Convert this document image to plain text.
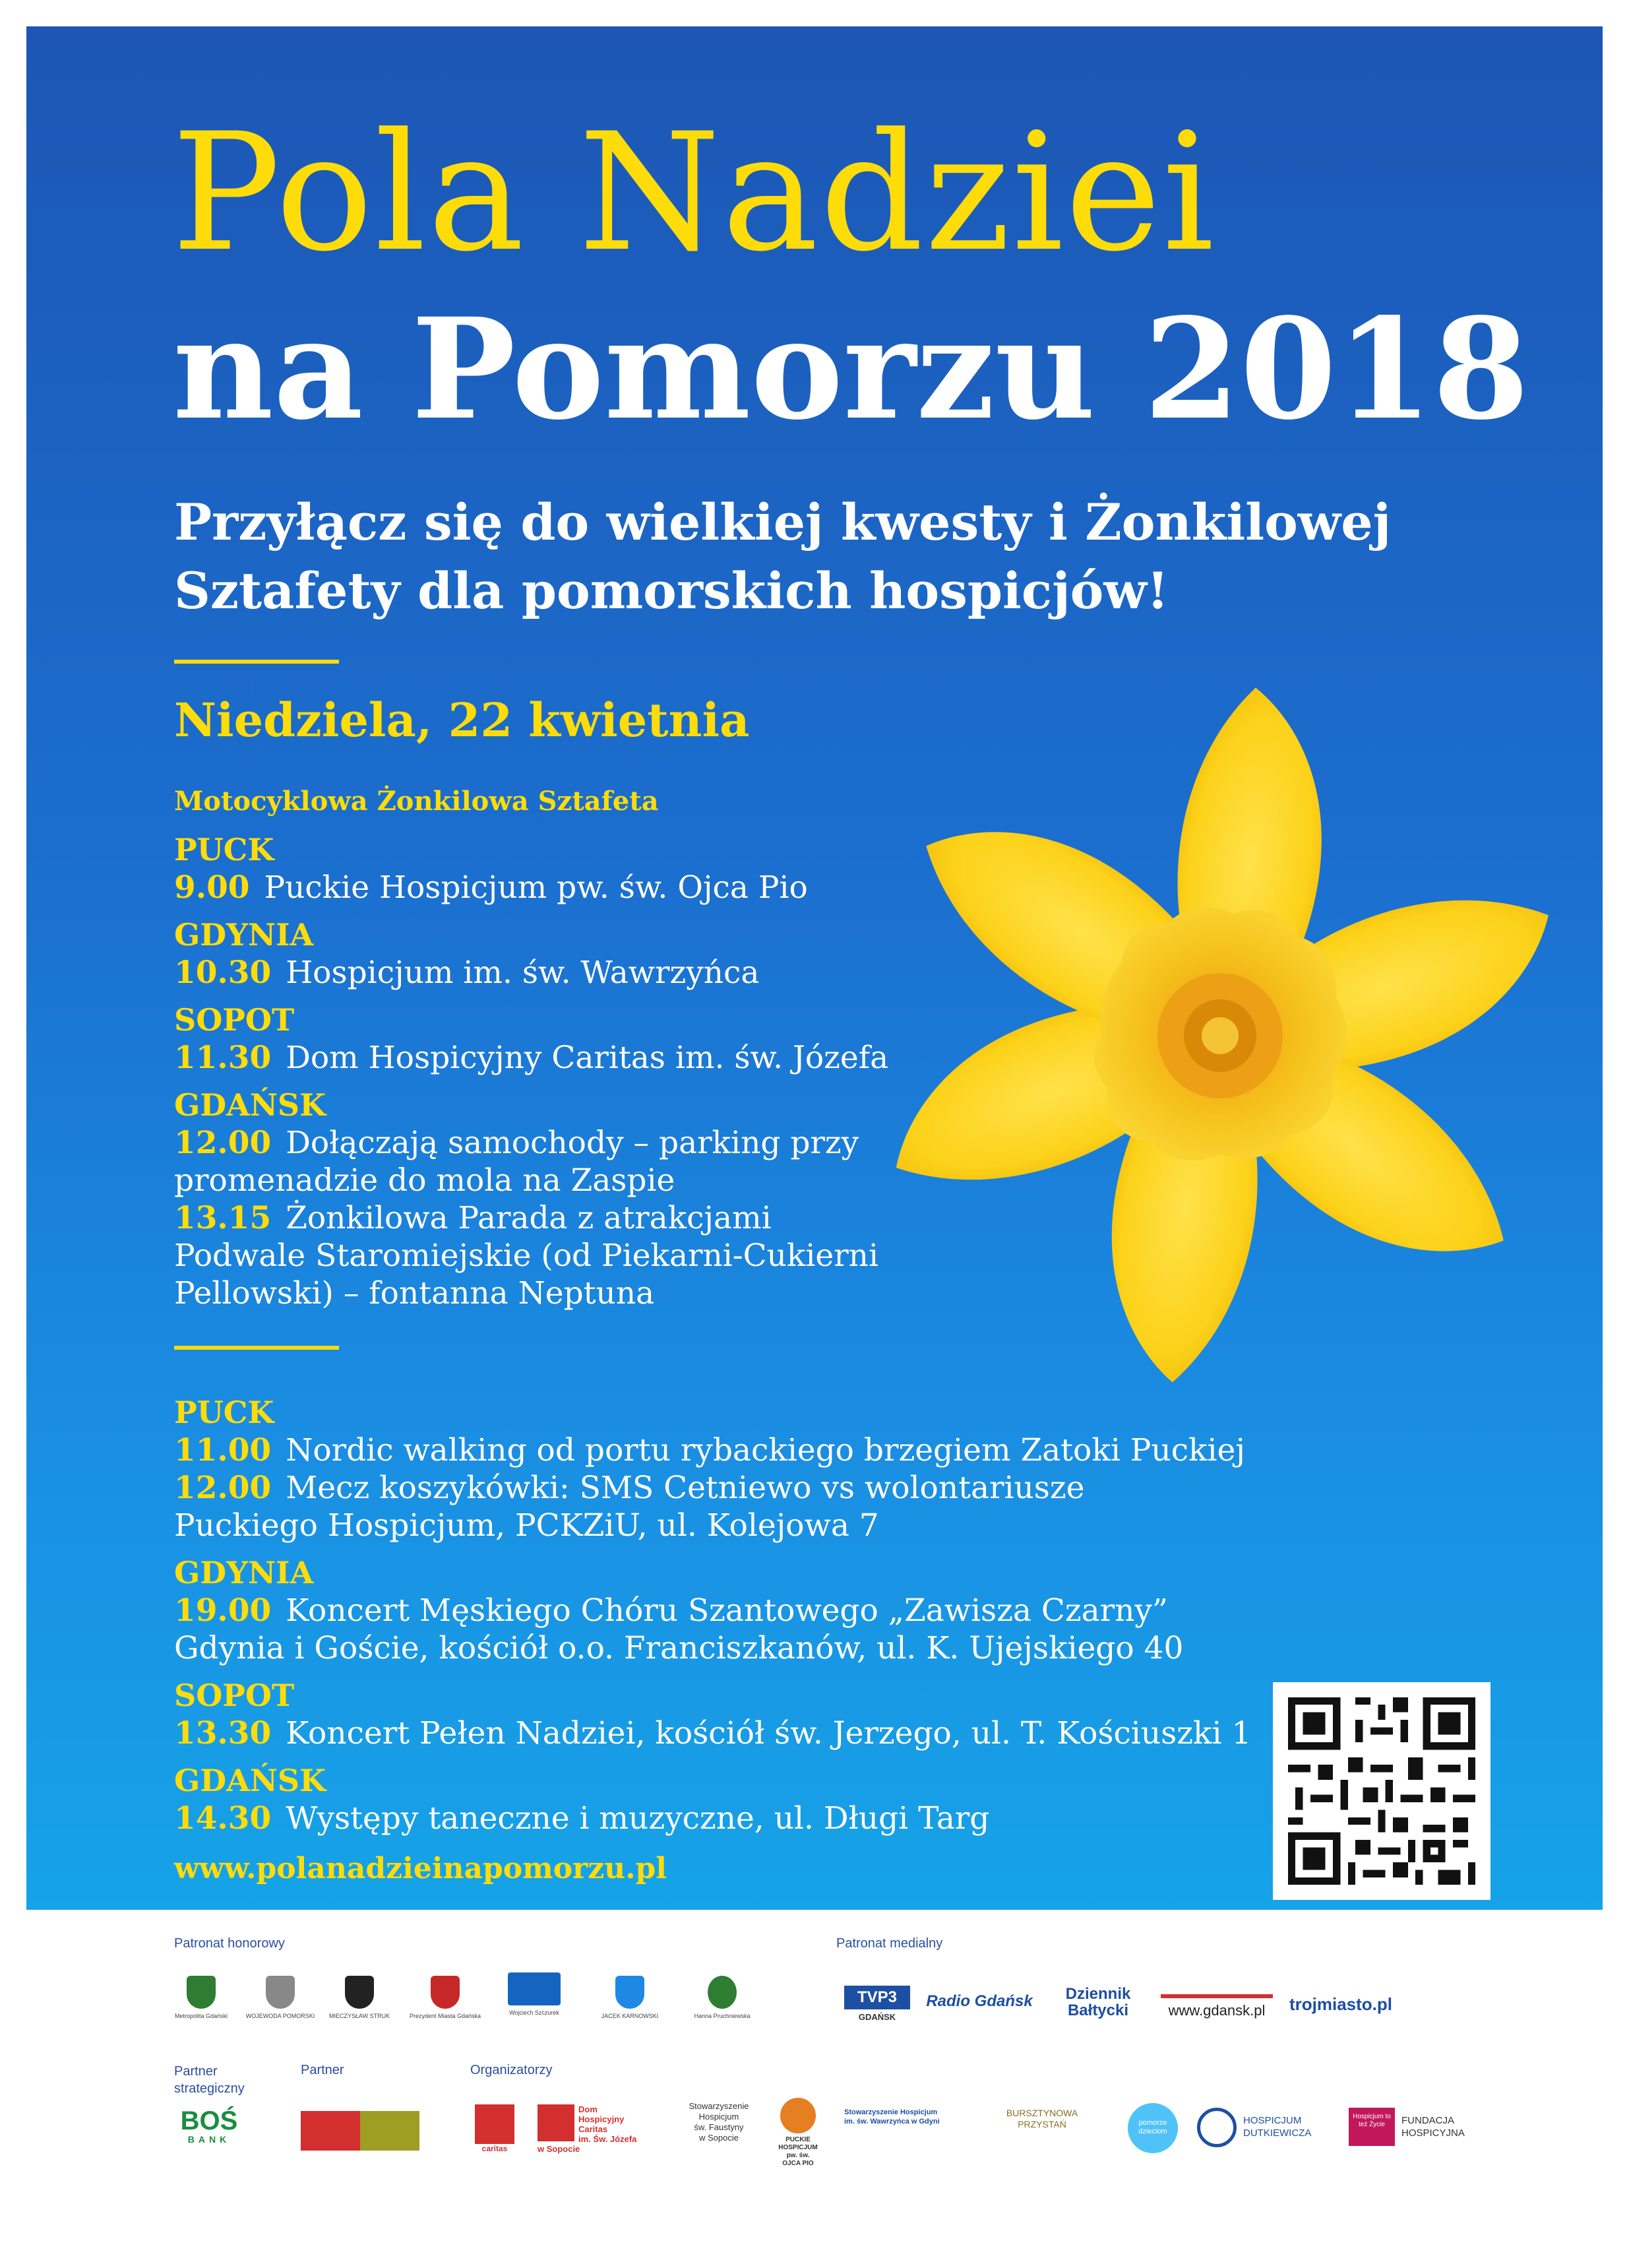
Pola Nadziei
na Pomorzu 2018
Przyłącz się do wielkiej kwesty i Żonkilowej Sztafety dla pomorskich hospicjów!
Niedziela, 22 kwietnia
Motocyklowa Żonkilowa Sztafeta
PUCK
9.00 Puckie Hospicjum pw. św. Ojca Pio
GDYNIA
10.30 Hospicjum im. św. Wawrzyńca
SOPOT
11.30 Dom Hospicyjny Caritas im. św. Józefa
GDAŃSK
12.00 Dołączają samochody – parking przy
promenadzie do mola na Zaspie
13.15 Żonkilowa Parada z atrakcjami
Podwale Staromiejskie (od Piekarni-Cukierni
Pellowski) – fontanna Neptuna
PUCK
11.00 Nordic walking od portu rybackiego brzegiem Zatoki Puckiej
12.00 Mecz koszykówki: SMS Cetniewo vs wolontariusze
Puckiego Hospicjum, PCKZiU, ul. Kolejowa 7
GDYNIA
19.00 Koncert Męskiego Chóru Szantowego „Zawisza Czarny”
Gdynia i Goście, kościół o.o. Franciszkanów, ul. K. Ujejskiego 40
SOPOT
13.30 Koncert Pełen Nadziei, kościół św. Jerzego, ul. T. Kościuszki 1
GDAŃSK
14.30 Występy taneczne i muzyczne, ul. Długi Targ
www.polanadzieinapomorzu.pl
Patronat honorowy	Patronat medialny
Metropolita Gdański	WOJEWODA POMORSKI	MIECZYSŁAW STRUK	Prezydent Miasta Gdańska	Wojciech Szczurek	JACEK KARNOWSKI	Hanna Pruchniewska
TVP3
GDAŃSK
Radio Gdańsk	Dziennik
Bałtycki	www.gdansk.pl	trojmiasto.pl
Partner strategiczny
Partner	Organizatorzy
BOŚ
BANK
caritas
Dom
Hospicyjny Caritas
im. Św. Józefa
w Sopocie
Stowarzyszenie
Hospicjum
św. Faustyny
w Sopocie	PUCKIE
HOSPICJUM
pw. św.
OJCA PIO
Stowarzyszenie Hospicjum
im. św. Wawrzyńca w Gdyni
BURSZTYNOWA
PRZYSTAŃ	pomorze dzieciom
HOSPICJUM
DUTKIEWICZA
Hospicjum to też Życie	FUNDACJA
HOSPICYJNA
